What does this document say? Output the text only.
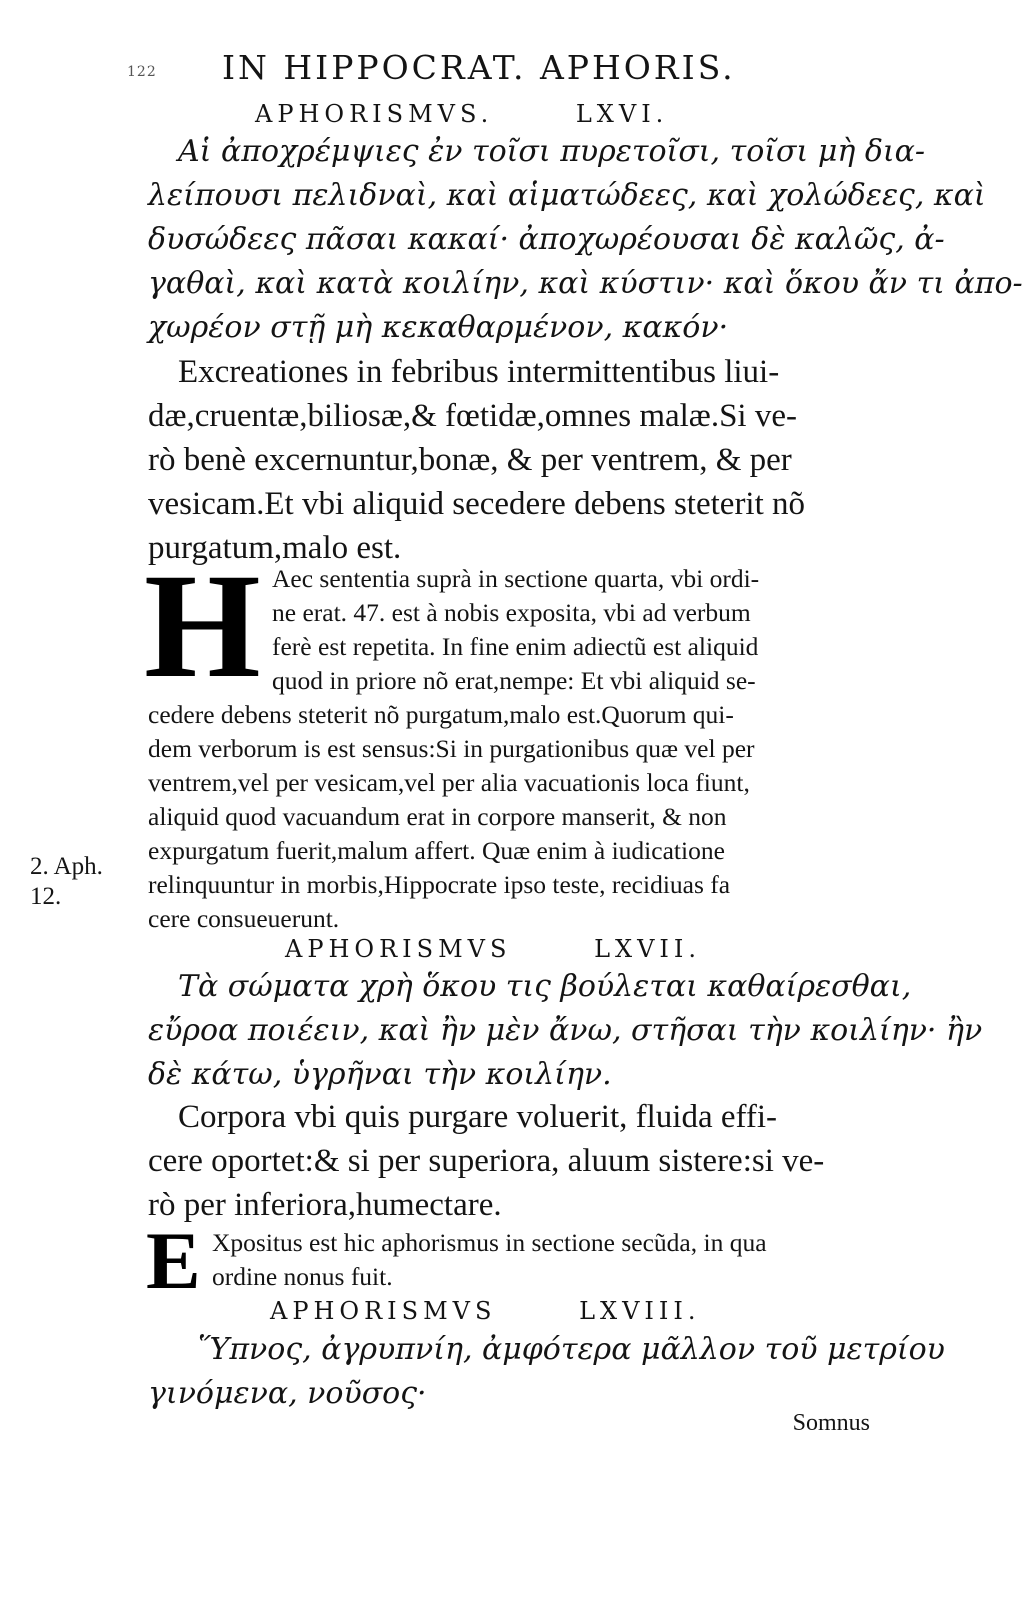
122 IN HIPPOCRAT. APHORIS.
APHORISMVS.	LXVI.
Αἱ ἀποχρέμψιες ἐν τοῖσι πυρετοῖσι, τοῖσι μὴ δια-
λείπουσι πελιδναὶ, καὶ αἱματώδεες, καὶ χολώδεες, καὶ
δυσώδεες πᾶσαι κακαί· ἀποχωρέουσαι δὲ καλῶς, ἀ-
γαθαὶ, καὶ κατὰ κοιλίην, καὶ κύστιν· καὶ ὅκου ἄν τι ἀπο-
χωρέον στῇ μὴ κεκαθαρμένον, κακόν·
Excreationes in febribus intermittentibus liui-
dæ,cruentæ,biliosæ,& fœtidæ,omnes malæ.Si ve-
rò benè excernuntur,bonæ, & per ventrem, & per
vesicam.Et vbi aliquid secedere debens steterit nõ
purgatum,malo est.
H Aec sententia suprà in sectione quarta, vbi ordi-
ne erat. 47. est à nobis exposita, vbi ad verbum
ferè est repetita. In fine enim adiectũ est aliquid
quod in priore nõ erat,nempe: Et vbi aliquid se-
cedere debens steterit nõ purgatum,malo est.Quorum qui-
dem verborum is est sensus:Si in purgationibus quæ vel per
ventrem,vel per vesicam,vel per alia vacuationis loca fiunt,
aliquid quod vacuandum erat in corpore manserit, & non
expurgatum fuerit,malum affert. Quæ enim à iudicatione
relinquuntur in morbis,Hippocrate ipso teste, recidiuas fa
cere consueuerunt.
2. Aph.
12.
APHORISMVS	LXVII.
Τὰ σώματα χρὴ ὅκου τις βούλεται καθαίρεσθαι,
εὔροα ποιέειν, καὶ ἢν μὲν ἄνω, στῆσαι τὴν κοιλίην· ἢν
δὲ κάτω, ὑγρῆναι τὴν κοιλίην.
Corpora vbi quis purgare voluerit, fluida effi-
cere oportet:& si per superiora, aluum sistere:si ve-
rò per inferiora,humectare.
E Xpositus est hic aphorismus in sectione secũda, in qua
ordine nonus fuit.
APHORISMVS	LXVIII.
Ὕπνος, ἀγρυπνίη, ἀμφότερα μᾶλλον τοῦ μετρίου
γινόμενα, νοῦσος·
Somnus
